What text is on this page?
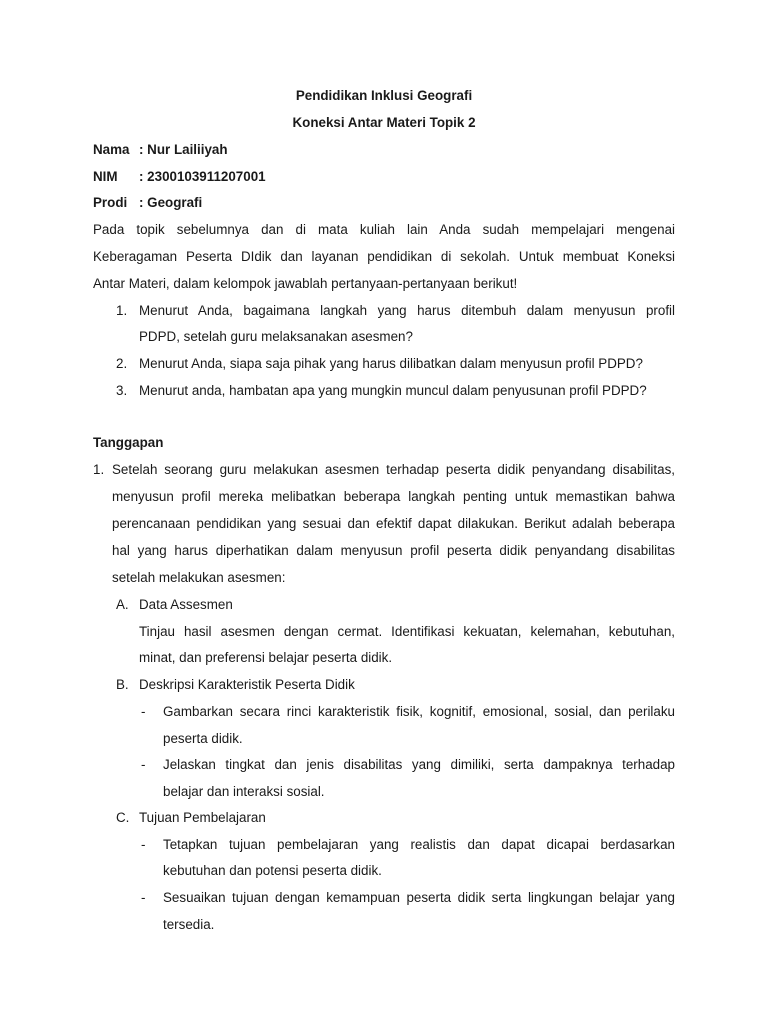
Pendidikan Inklusi Geografi
Koneksi Antar Materi Topik 2
Nama : Nur Lailiiyah
NIM : 2300103911207001
Prodi : Geografi
Pada topik sebelumnya dan di mata kuliah lain Anda sudah mempelajari mengenai
Keberagaman Peserta DIdik dan layanan pendidikan di sekolah. Untuk membuat Koneksi
Antar Materi, dalam kelompok jawablah pertanyaan-pertanyaan berikut!
1. Menurut Anda, bagaimana langkah yang harus ditembuh dalam menyusun profil
PDPD, setelah guru melaksanakan asesmen?
2. Menurut Anda, siapa saja pihak yang harus dilibatkan dalam menyusun profil PDPD?
3. Menurut anda, hambatan apa yang mungkin muncul dalam penyusunan profil PDPD?
Tanggapan
1. Setelah seorang guru melakukan asesmen terhadap peserta didik penyandang disabilitas,
menyusun profil mereka melibatkan beberapa langkah penting untuk memastikan bahwa
perencanaan pendidikan yang sesuai dan efektif dapat dilakukan. Berikut adalah beberapa
hal yang harus diperhatikan dalam menyusun profil peserta didik penyandang disabilitas
setelah melakukan asesmen:
A. Data Assesmen
Tinjau hasil asesmen dengan cermat. Identifikasi kekuatan, kelemahan, kebutuhan,
minat, dan preferensi belajar peserta didik.
B. Deskripsi Karakteristik Peserta Didik
- Gambarkan secara rinci karakteristik fisik, kognitif, emosional, sosial, dan perilaku
peserta didik.
- Jelaskan tingkat dan jenis disabilitas yang dimiliki, serta dampaknya terhadap
belajar dan interaksi sosial.
C. Tujuan Pembelajaran
- Tetapkan tujuan pembelajaran yang realistis dan dapat dicapai berdasarkan
kebutuhan dan potensi peserta didik.
- Sesuaikan tujuan dengan kemampuan peserta didik serta lingkungan belajar yang
tersedia.
